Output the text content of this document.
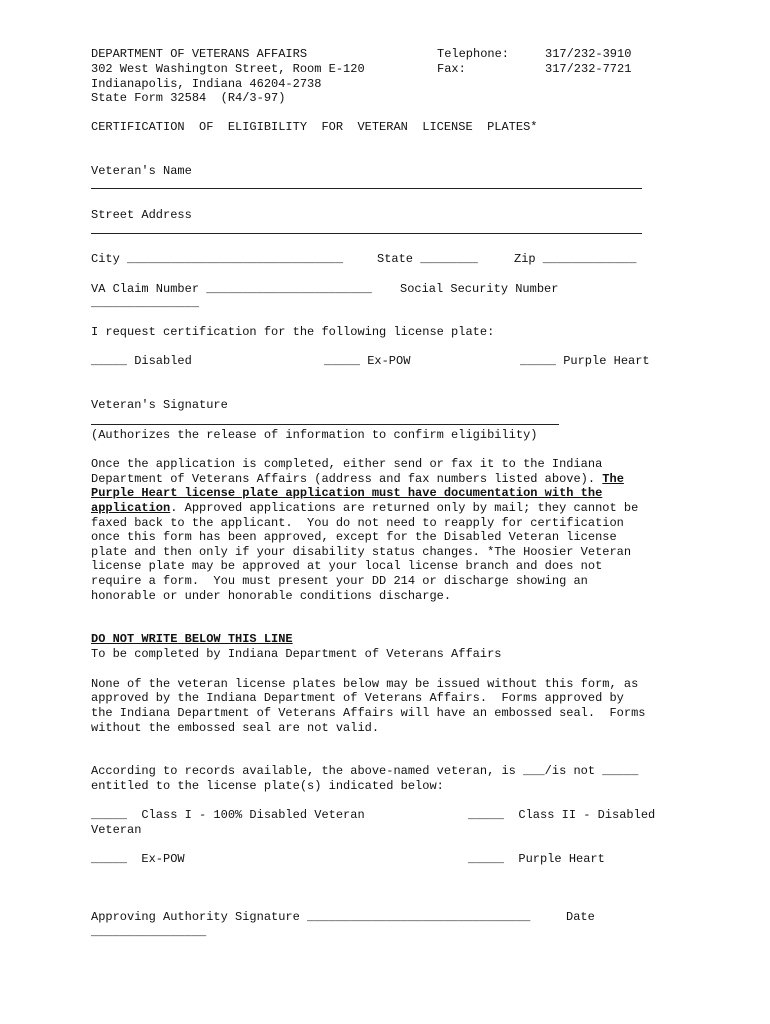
DEPARTMENT OF VETERANS AFFAIRS

302 West Washington Street, Room E-120

Indianapolis, Indiana 46204-2738

State Form 32584  (R4/3-97)

Telephone:	317/232-3910

Fax:	317/232-7721

CERTIFICATION  OF  ELIGIBILITY  FOR  VETERAN  LICENSE  PLATES*

Veteran's Name

Street Address

City ______________________________	State ________	Zip _____________

VA Claim Number _______________________ Social Security Number

_______________

I request certification for the following license plate:

_____ Disabled	_____ Ex-POW	_____ Purple Heart

Veteran's Signature

(Authorizes the release of information to confirm eligibility)

Once the application is completed, either send or fax it to the Indiana

Department of Veterans Affairs (address and fax numbers listed above). The

Purple Heart license plate application must have documentation with the

application. Approved applications are returned only by mail; they cannot be

faxed back to the applicant.  You do not need to reapply for certification

once this form has been approved, except for the Disabled Veteran license

plate and then only if your disability status changes. *The Hoosier Veteran

license plate may be approved at your local license branch and does not

require a form.  You must present your DD 214 or discharge showing an

honorable or under honorable conditions discharge.

DO NOT WRITE BELOW THIS LINE

To be completed by Indiana Department of Veterans Affairs

None of the veteran license plates below may be issued without this form, as

approved by the Indiana Department of Veterans Affairs.  Forms approved by

the Indiana Department of Veterans Affairs will have an embossed seal.  Forms

without the embossed seal are not valid.

According to records available, the above-named veteran, is ___/is not _____

entitled to the license plate(s) indicated below:

_____  Class I - 100% Disabled Veteran	_____  Class II - Disabled

Veteran

_____  Ex-POW	_____  Purple Heart

Approving Authority Signature _______________________________	Date

________________
